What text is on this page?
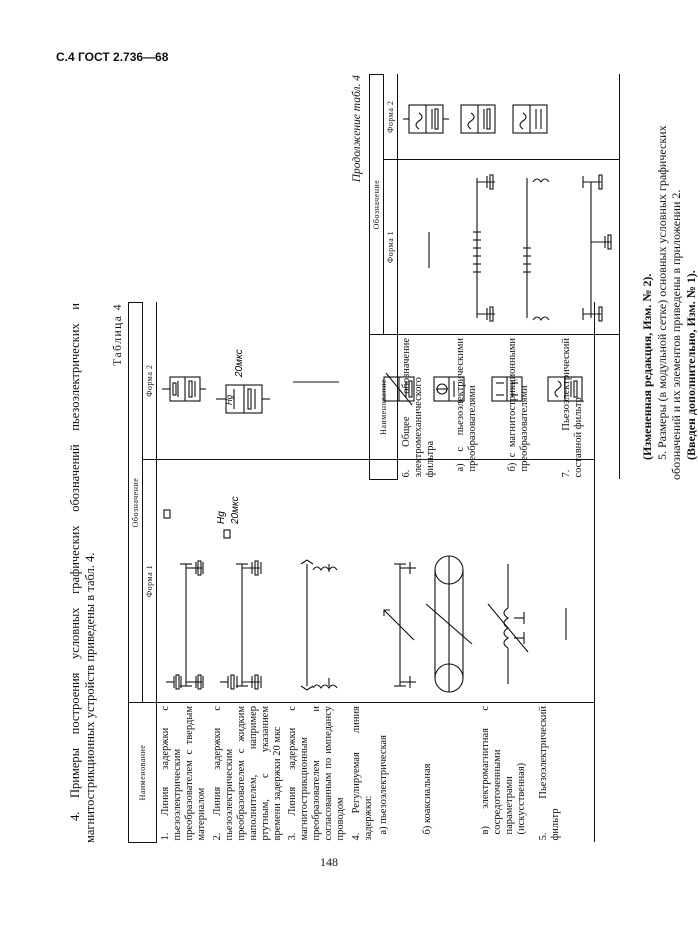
С.4 ГОСТ 2.736—68
148

4. Примеры построения условных графических обозначений пьезоэлектрических и магнитострикционных устройств приведены в табл. 4.

Таблица 4

Наименование	Обозначение	
	Форма 1	Форма 2
1. Линия задержки с пьезоэлектрическим преобразователем с твердым материалом	

2. Линия задержки с пьезоэлектрическим преобразователем с жидким наполнителем, например ртутным, с указанием времени задержки 20 мкс	Hg 20мкс	Hg
20мкс

3. Линия задержки с магнитострикционным преобразователем и согласованным по импедансу проводом	

4. Регулируемая линия задержки:		
а) пьезоэлектрическая	

б) коаксиальная	

в) электромагнитная с сосредоточенными параметрами (искусственная)	

5. Пьезоэлектрический фильтр	

Продолжение табл. 4

Наименование	Обозначение	
	Форма 1	Форма 2
6. Общее обозначение электромеханического фильтра	

а) с пьезоэлектрическими преобразователями	

б) с магнитострикционными преобразователями	

7. Пьезоэлектрический составной фильтр	
		(Измененная редакция, Изм. № 2). 5. Размеры (в модульной сетке) основных условных графических обозначений и их элементов приведены в приложении 2. (Введен дополнительно, Изм. № 1).
